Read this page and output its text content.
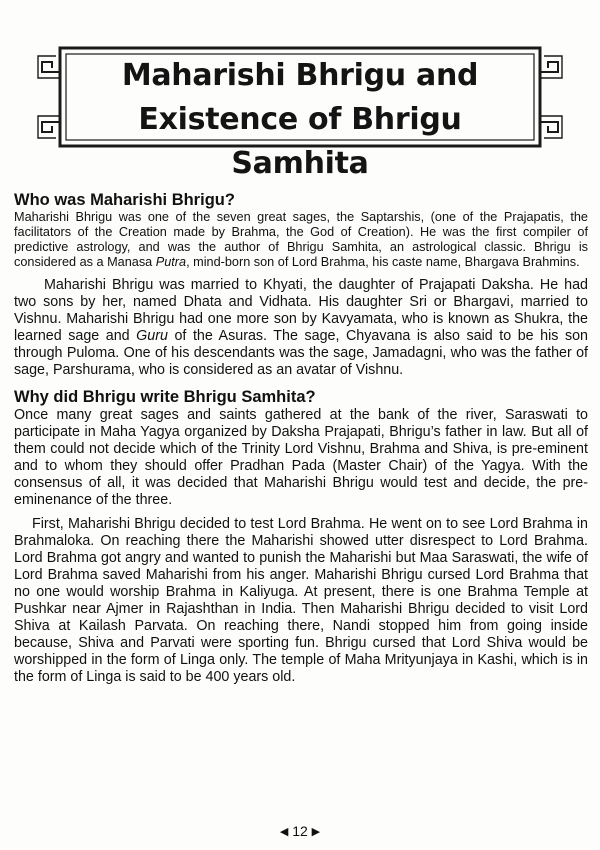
Maharishi Bhrigu and
Existence of Bhrigu Samhita
Who was Maharishi Bhrigu?

Maharishi Bhrigu was one of the seven great sages, the Saptarshis, (one of the Prajapatis, the facilitators of the Creation made by Brahma, the God of Creation). He was the first compiler of predictive astrology, and was the author of Bhrigu Samhita, an astrological classic. Bhrigu is considered as a Manasa Putra, mind-born son of Lord Brahma, his caste name, Bhargava Brahmins.

Maharishi Bhrigu was married to Khyati, the daughter of Prajapati Daksha. He had two sons by her, named Dhata and Vidhata. His daughter Sri or Bhargavi, married to Vishnu. Maharishi Bhrigu had one more son by Kavyamata, who is known as Shukra, the learned sage and Guru of the Asuras. The sage, Chyavana is also said to be his son through Puloma. One of his descendants was the sage, Jamadagni, who was the father of sage, Parshurama, who is considered as an avatar of Vishnu.

Why did Bhrigu write Bhrigu Samhita?

Once many great sages and saints gathered at the bank of the river, Saraswati to participate in Maha Yagya organized by Daksha Prajapati, Bhrigu’s father in law. But all of them could not decide which of the Trinity Lord Vishnu, Brahma and Shiva, is pre-eminent and to whom they should offer Pradhan Pada (Master Chair) of the Yagya. With the consensus of all, it was decided that Maharishi Bhrigu would test and decide, the pre-eminenance of the three.

First, Maharishi Bhrigu decided to test Lord Brahma. He went on to see Lord Brahma in Brahmaloka. On reaching there the Maharishi showed utter disrespect to Lord Brahma. Lord Brahma got angry and wanted to punish the Maharishi but Maa Saraswati, the wife of Lord Brahma saved Maharishi from his anger. Maharishi Bhrigu cursed Lord Brahma that no one would worship Brahma in Kaliyuga. At present, there is one Brahma Temple at Pushkar near Ajmer in Rajashthan in India. Then Maharishi Bhrigu decided to visit Lord Shiva at Kailash Parvata. On reaching there, Nandi stopped him from going inside because, Shiva and Parvati were sporting fun. Bhrigu cursed that Lord Shiva would be worshipped in the form of Linga only. The temple of Maha Mrityunjaya in Kashi, which is in the form of Linga is said to be 400 years old.

◀ 12 ▶
